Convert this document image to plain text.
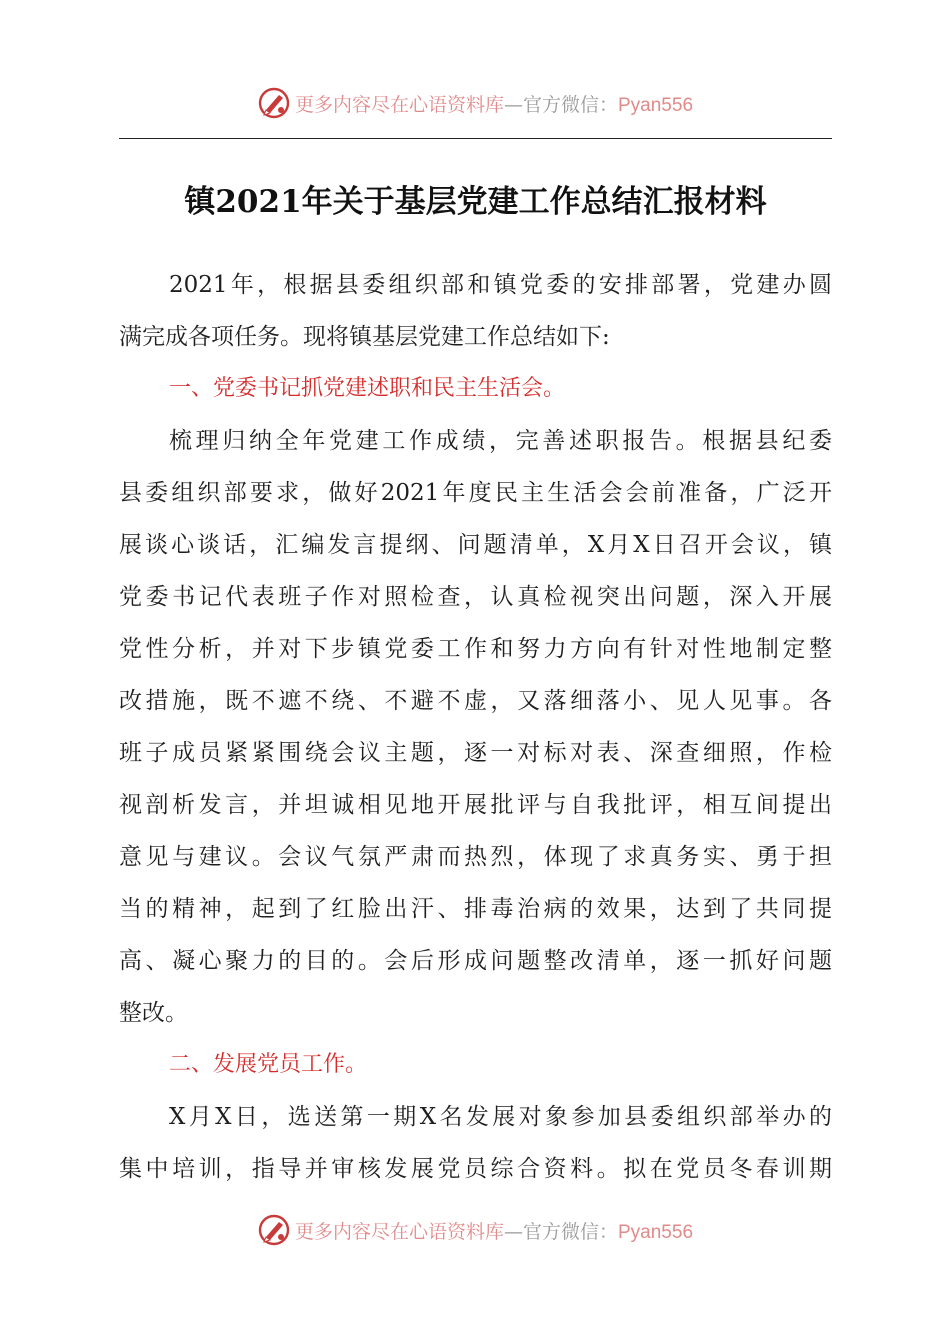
更多内容尽在心语资料库—官方微信：Pyan556
镇2021年关于基层党建工作总结汇报材料
2021年，根据县委组织部和镇党委的安排部署，党建办圆
满完成各项任务。现将镇基层党建工作总结如下:
一、党委书记抓党建述职和民主生活会。
梳理归纳全年党建工作成绩，完善述职报告。根据县纪委
县委组织部要求，做好2021年度民主生活会会前准备，广泛开
展谈心谈话，汇编发言提纲、问题清单，X月X日召开会议，镇
党委书记代表班子作对照检查，认真检视突出问题，深入开展
党性分析，并对下步镇党委工作和努力方向有针对性地制定整
改措施，既不遮不绕、不避不虚，又落细落小、见人见事。各
班子成员紧紧围绕会议主题，逐一对标对表、深查细照，作检
视剖析发言，并坦诚相见地开展批评与自我批评，相互间提出
意见与建议。会议气氛严肃而热烈，体现了求真务实、勇于担
当的精神，起到了红脸出汗、排毒治病的效果，达到了共同提
高、凝心聚力的目的。会后形成问题整改清单，逐一抓好问题
整改。
二、发展党员工作。
X月X日，选送第一期X名发展对象参加县委组织部举办的
集中培训，指导并审核发展党员综合资料。拟在党员冬春训期
更多内容尽在心语资料库—官方微信：Pyan556
